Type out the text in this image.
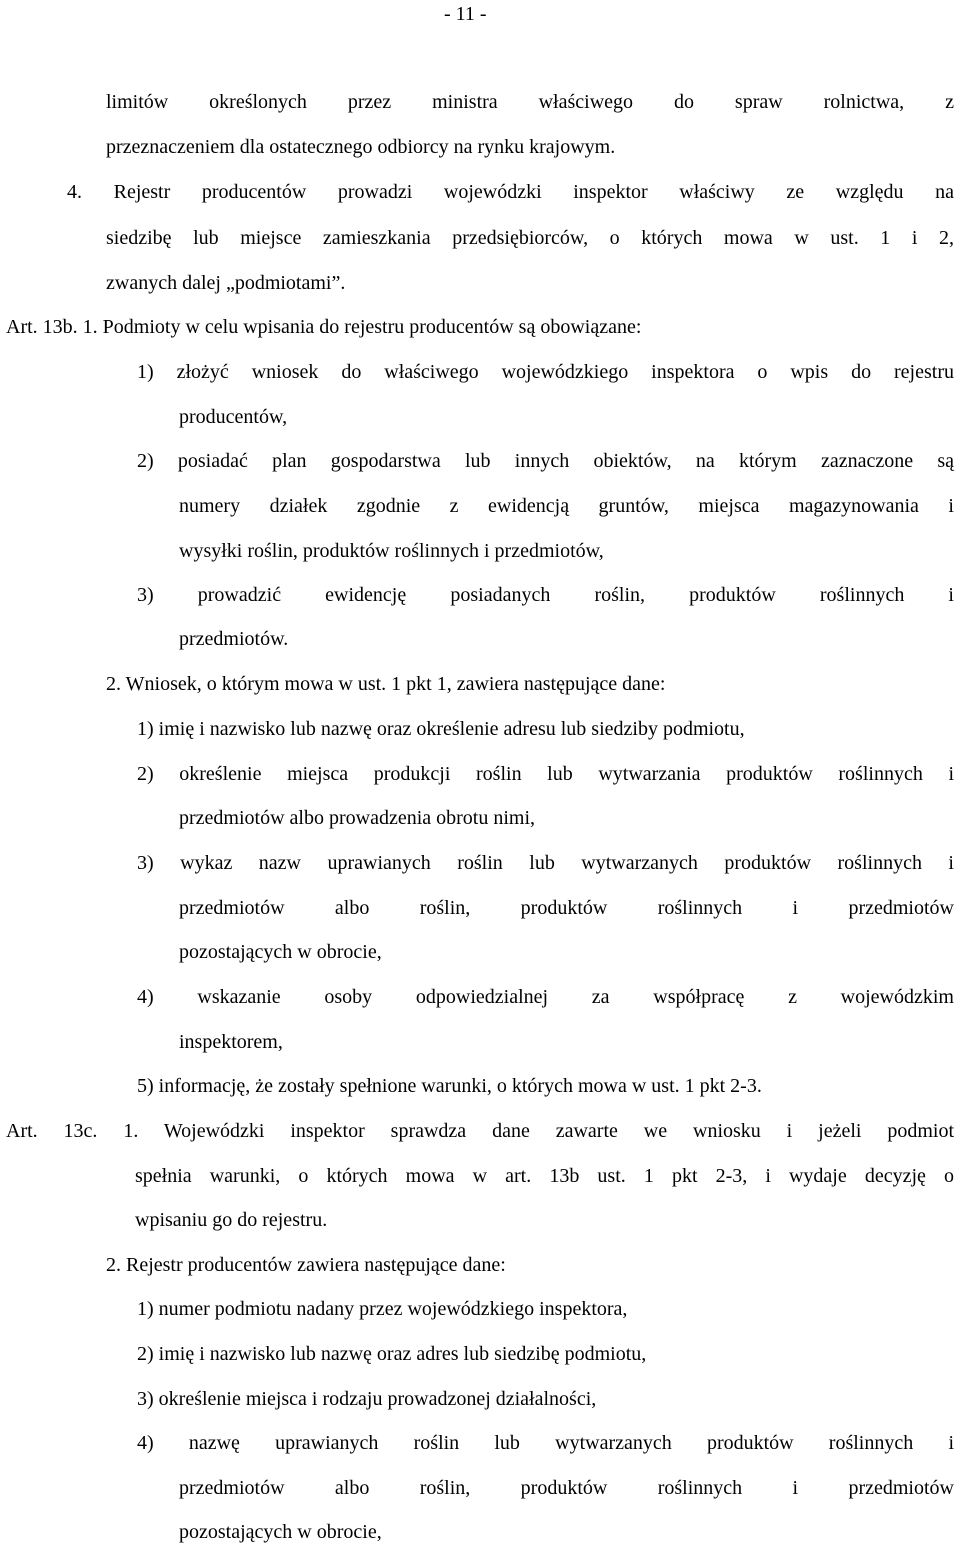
- 11 -
limitów określonych przez ministra właściwego do spraw rolnictwa, z
przeznaczeniem dla ostatecznego odbiorcy na rynku krajowym.
4. Rejestr producentów prowadzi wojewódzki inspektor właściwy ze względu na
siedzibę lub miejsce zamieszkania przedsiębiorców, o których mowa w ust. 1 i 2,
zwanych dalej „podmiotami”.
Art. 13b. 1. Podmioty w celu wpisania do rejestru producentów są obowiązane:
1) złożyć wniosek do właściwego wojewódzkiego inspektora o wpis do rejestru
producentów,
2) posiadać plan gospodarstwa lub innych obiektów, na którym zaznaczone są
numery działek zgodnie z ewidencją gruntów, miejsca magazynowania i
wysyłki roślin, produktów roślinnych i przedmiotów,
3) prowadzić ewidencję posiadanych roślin, produktów roślinnych i
przedmiotów.
2. Wniosek, o którym mowa w ust. 1 pkt 1, zawiera następujące dane:
1) imię i nazwisko lub nazwę oraz określenie adresu lub siedziby podmiotu,
2) określenie miejsca produkcji roślin lub wytwarzania produktów roślinnych i
przedmiotów albo prowadzenia obrotu nimi,
3) wykaz nazw uprawianych roślin lub wytwarzanych produktów roślinnych i
przedmiotów albo roślin, produktów roślinnych i przedmiotów
pozostających w obrocie,
4) wskazanie osoby odpowiedzialnej za współpracę z wojewódzkim
inspektorem,
5) informację, że zostały spełnione warunki, o których mowa w ust. 1 pkt 2-3.
Art. 13c. 1. Wojewódzki inspektor sprawdza dane zawarte we wniosku i jeżeli podmiot
spełnia warunki, o których mowa w art. 13b ust. 1 pkt 2-3, i wydaje decyzję o
wpisaniu go do rejestru.
2. Rejestr producentów zawiera następujące dane:
1) numer podmiotu nadany przez wojewódzkiego inspektora,
2) imię i nazwisko lub nazwę oraz adres lub siedzibę podmiotu,
3) określenie miejsca i rodzaju prowadzonej działalności,
4) nazwę uprawianych roślin lub wytwarzanych produktów roślinnych i
przedmiotów albo roślin, produktów roślinnych i przedmiotów
pozostających w obrocie,
